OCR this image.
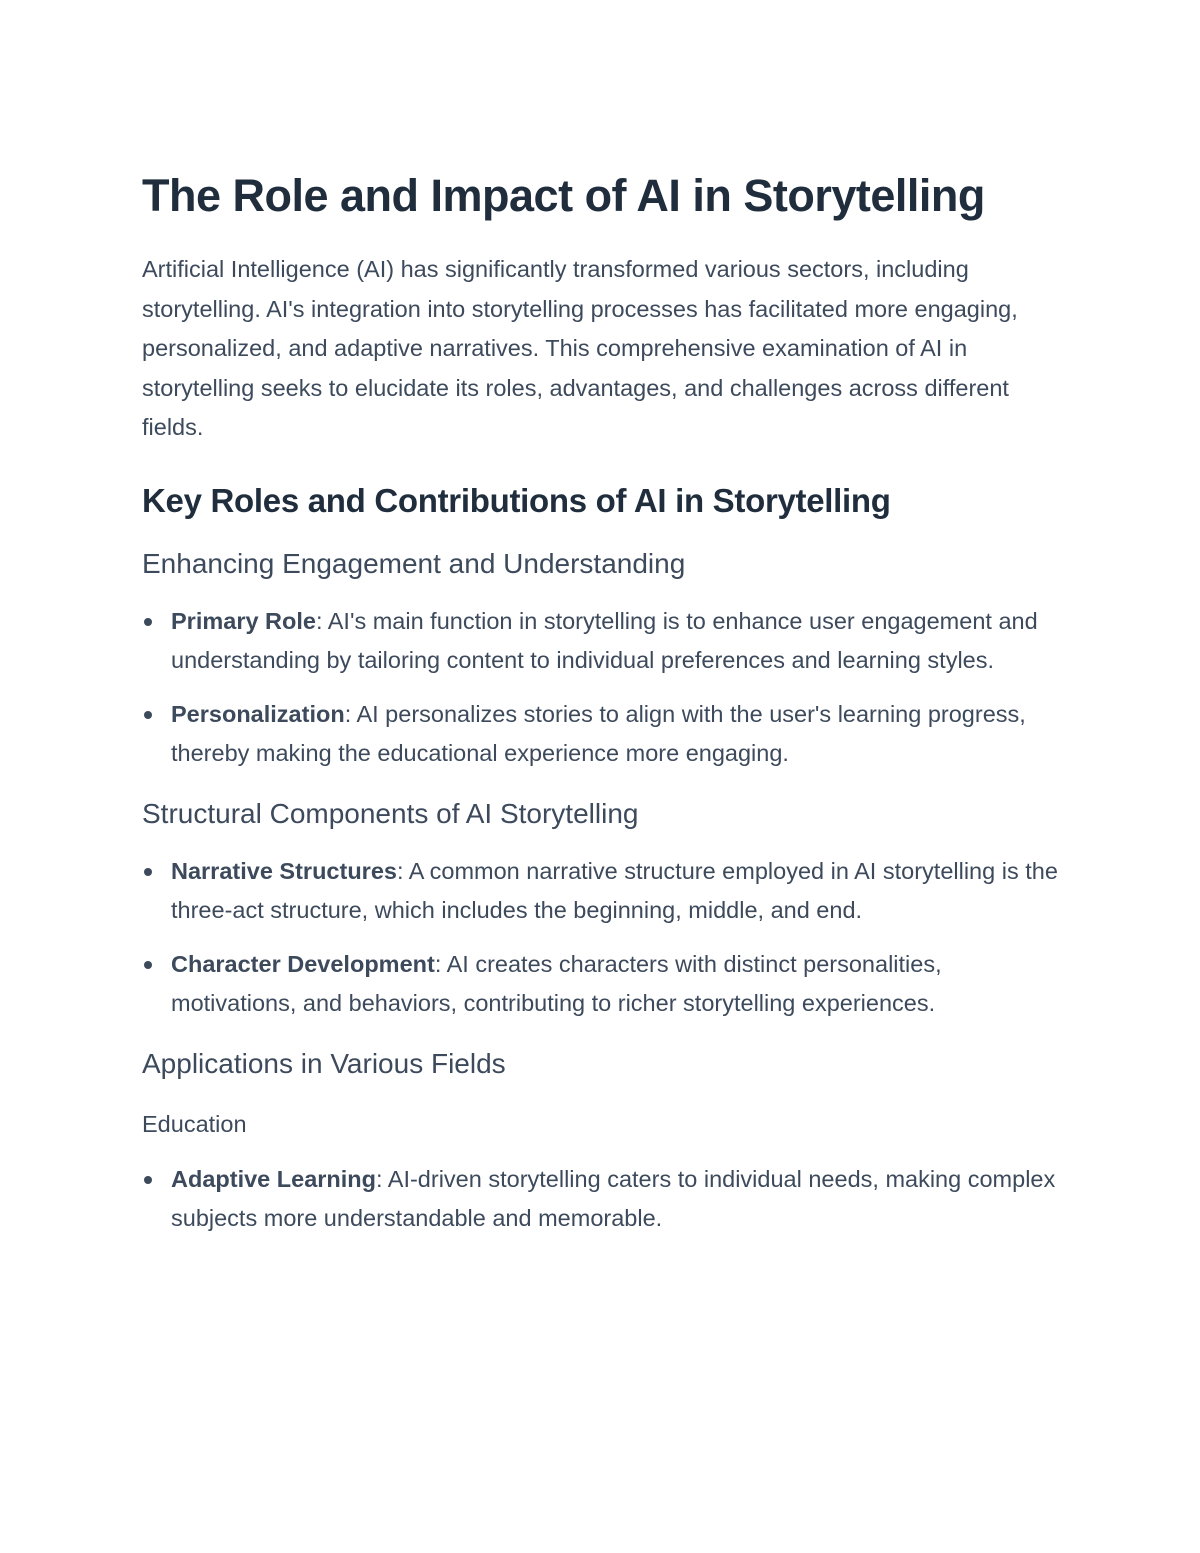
The Role and Impact of AI in Storytelling

Artificial Intelligence (AI) has significantly transformed various sectors, including storytelling. AI's integration into storytelling processes has facilitated more engaging, personalized, and adaptive narratives. This comprehensive examination of AI in storytelling seeks to elucidate its roles, advantages, and challenges across different fields.

Key Roles and Contributions of AI in Storytelling
Enhancing Engagement and Understanding
Primary Role: AI's main function in storytelling is to enhance user engagement and understanding by tailoring content to individual preferences and learning styles.
Personalization: AI personalizes stories to align with the user's learning progress, thereby making the educational experience more engaging.
Structural Components of AI Storytelling
Narrative Structures: A common narrative structure employed in AI storytelling is the three-act structure, which includes the beginning, middle, and end.
Character Development: AI creates characters with distinct personalities, motivations, and behaviors, contributing to richer storytelling experiences.
Applications in Various Fields
Education
Adaptive Learning: AI-driven storytelling caters to individual needs, making complex subjects more understandable and memorable.
